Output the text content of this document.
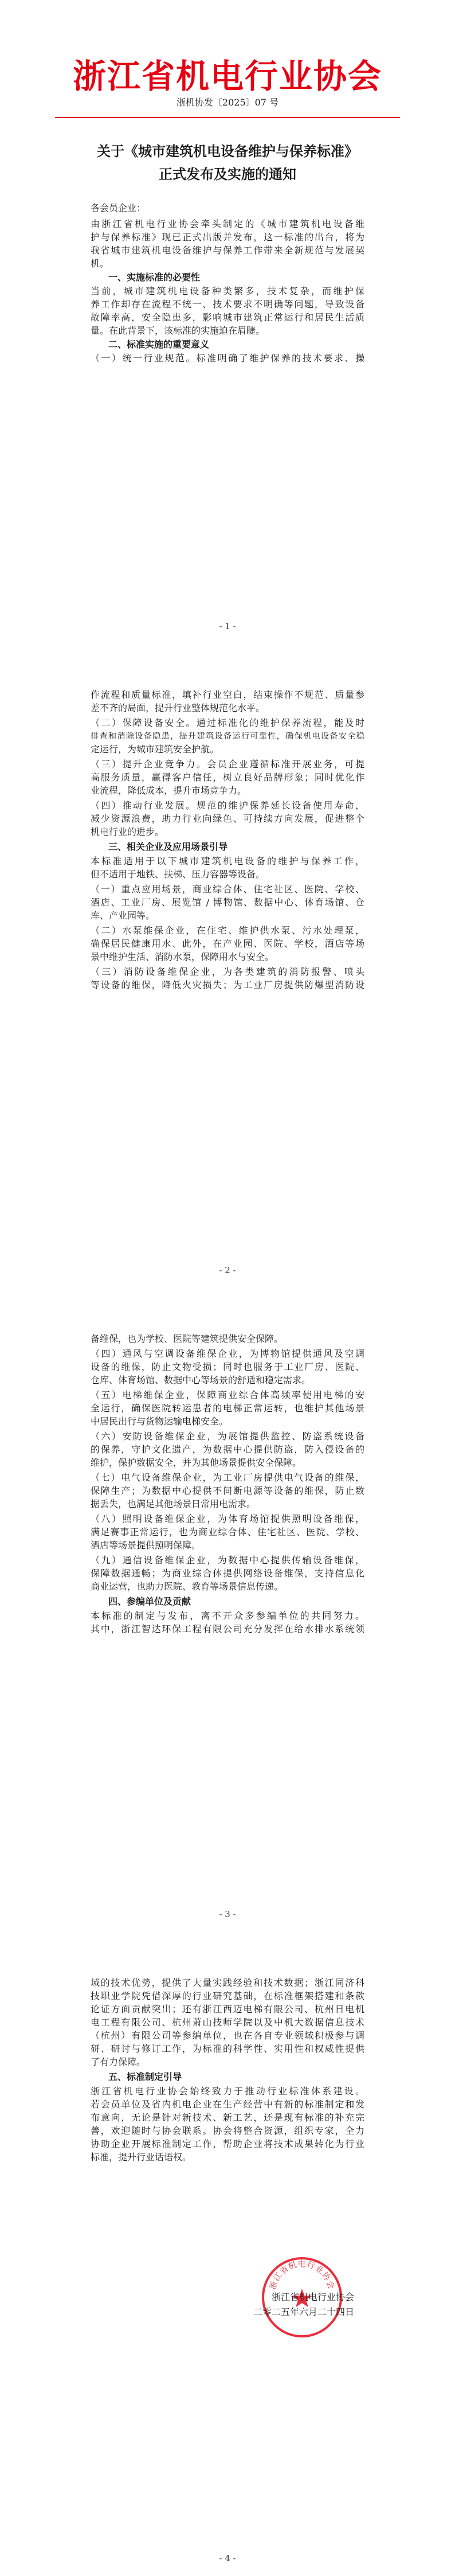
浙江省机电行业协会
浙机协发〔2025〕07 号
关于《城市建筑机电设备维护与保养标准》
正式发布及实施的通知
各会员企业：
由浙江省机电行业协会牵头制定的《城市建筑机电设备维
护与保养标准》现已正式出版并发布，这一标准的出台，将为
我省城市建筑机电设备维护与保养工作带来全新规范与发展契
机。
一、实施标准的必要性
当前，城市建筑机电设备种类繁多，技术复杂，而维护保
养工作却存在流程不统一、技术要求不明确等问题，导致设备
故障率高，安全隐患多，影响城市建筑正常运行和居民生活质
量。在此背景下，该标准的实施迫在眉睫。
二、标准实施的重要意义
（一）统一行业规范。标准明确了维护保养的技术要求、操
- 1 -
作流程和质量标准，填补行业空白，结束操作不规范、质量参
差不齐的局面，提升行业整体规范化水平。
（二）保障设备安全。通过标准化的维护保养流程，能及时
排查和消除设备隐患，提升建筑设备运行可靠性，确保机电设备安全稳
定运行，为城市建筑安全护航。
（三）提升企业竞争力。会员企业遵循标准开展业务，可提
高服务质量，赢得客户信任，树立良好品牌形象；同时优化作
业流程，降低成本，提升市场竞争力。
（四）推动行业发展。规范的维护保养延长设备使用寿命，
减少资源浪费，助力行业向绿色、可持续方向发展，促进整个
机电行业的进步。
三、相关企业及应用场景引导
本标准适用于以下城市建筑机电设备的维护与保养工作，
但不适用于地铁、扶梯、压力容器等设备。
（一）重点应用场景，商业综合体、住宅社区、医院、学校、
酒店、工业厂房、展览馆 / 博物馆、数据中心、体育场馆、仓
库、产业园等。
（二）水泵维保企业，在住宅、维护供水泵、污水处理泵，
确保居民健康用水、此外，在产业园、医院、学校，酒店等场
景中维护生活、消防水泵，保障用水与安全。
（三）消防设备维保企业，为各类建筑的消防报警、喷头
等设备的维保，降低火灾损失；为工业厂房提供防爆型消防设
- 2 -
备维保，也为学校、医院等建筑提供安全保障。
（四）通风与空调设备维保企业，为博物馆提供通风及空调
设备的维保，防止文物受损；同时也服务于工业厂房、医院、
仓库、体育场馆、数据中心等场景的舒适和稳定需求。
（五）电梯维保企业，保障商业综合体高频率使用电梯的安
全运行，确保医院转运患者的电梯正常运转，也维护其他场景
中居民出行与货物运输电梯安全。
（六）安防设备维保企业，为展馆提供监控、防盗系统设备
的保养，守护文化遗产，为数据中心提供防盗，防入侵设备的
维护，保护数据安全，并为其他场景提供安全保障。
（七）电气设备维保企业，为工业厂房提供电气设备的维保，
保障生产；为数据中心提供不间断电源等设备的维保，防止数
据丢失，也满足其他场景日常用电需求。
（八）照明设备维保企业，为体育场馆提供照明设备维保，
满足赛事正常运行，也为商业综合体、住宅社区、医院、学校、
酒店等场景提供照明保障。
（九）通信设备维保企业，为数据中心提供传输设备维保，
保障数据通畅；为商业综合体提供网络设备维保，支持信息化
商业运营，也助力医院、教育等场景信息传递。
四、参编单位及贡献
本标准的制定与发布，离不开众多参编单位的共同努力。
其中，浙江智达环保工程有限公司充分发挥在给水排水系统领
- 3 -
域的技术优势，提供了大量实践经验和技术数据；浙江同济科
技职业学院凭借深厚的行业研究基础，在标准框架搭建和条款
论证方面贡献突出；还有浙江西迈电梯有限公司、杭州日电机
电工程有限公司、杭州萧山技师学院以及中机大数据信息技术
（杭州）有限公司等参编单位，也在各自专业领域积极参与调
研、研讨与修订工作，为标准的科学性、实用性和权威性提供
了有力保障。
五、标准制定引导
浙江省机电行业协会始终致力于推动行业标准体系建设。
若会员单位及省内机电企业在生产经营中有新的标准制定和发
布意向，无论是针对新技术、新工艺，还是现有标准的补充完
善，欢迎随时与协会联系。协会将整合资源，组织专家，全力
协助企业开展标准制定工作，帮助企业将技术成果转化为行业
标准，提升行业话语权。
浙江省机电行业协会
浙江省机电行业协会
二零二五年六月二十四日
- 4 -
